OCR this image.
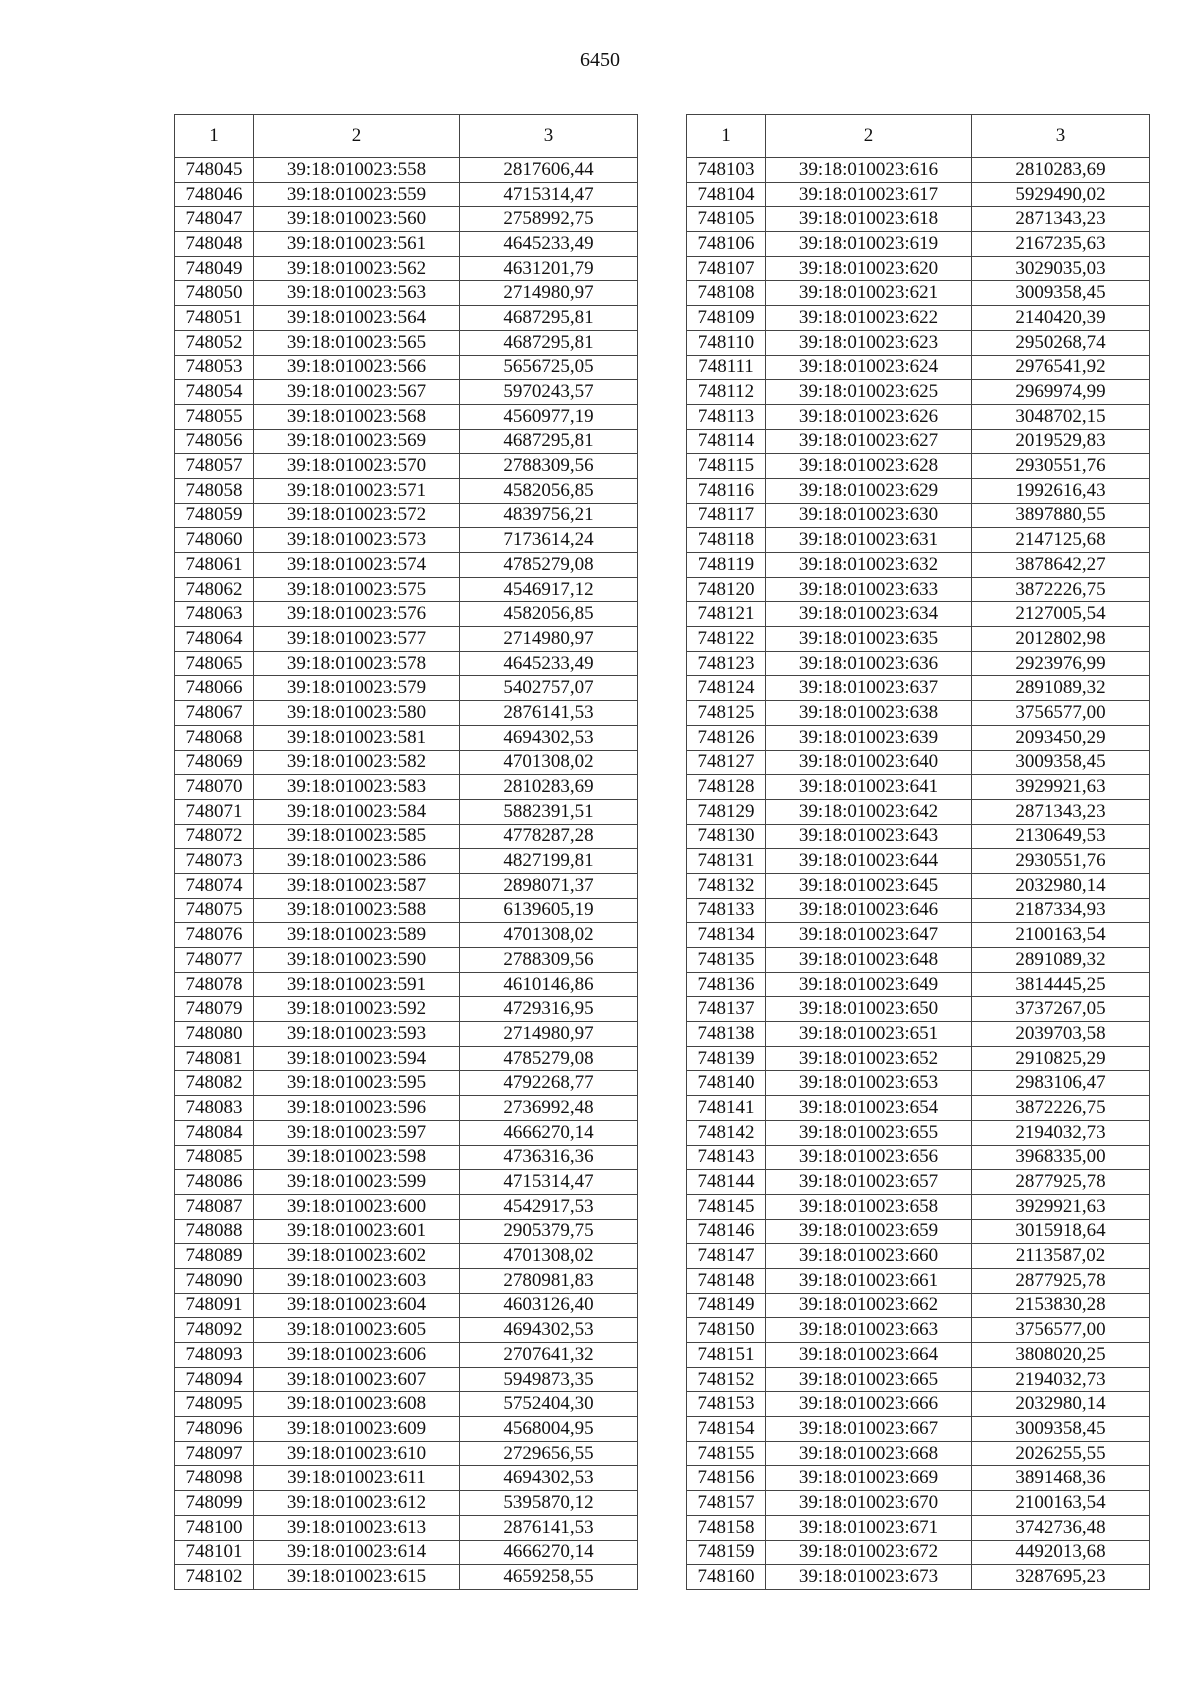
6450
1	2	3
748045	39:18:010023:558	2817606,44
748046	39:18:010023:559	4715314,47
748047	39:18:010023:560	2758992,75
748048	39:18:010023:561	4645233,49
748049	39:18:010023:562	4631201,79
748050	39:18:010023:563	2714980,97
748051	39:18:010023:564	4687295,81
748052	39:18:010023:565	4687295,81
748053	39:18:010023:566	5656725,05
748054	39:18:010023:567	5970243,57
748055	39:18:010023:568	4560977,19
748056	39:18:010023:569	4687295,81
748057	39:18:010023:570	2788309,56
748058	39:18:010023:571	4582056,85
748059	39:18:010023:572	4839756,21
748060	39:18:010023:573	7173614,24
748061	39:18:010023:574	4785279,08
748062	39:18:010023:575	4546917,12
748063	39:18:010023:576	4582056,85
748064	39:18:010023:577	2714980,97
748065	39:18:010023:578	4645233,49
748066	39:18:010023:579	5402757,07
748067	39:18:010023:580	2876141,53
748068	39:18:010023:581	4694302,53
748069	39:18:010023:582	4701308,02
748070	39:18:010023:583	2810283,69
748071	39:18:010023:584	5882391,51
748072	39:18:010023:585	4778287,28
748073	39:18:010023:586	4827199,81
748074	39:18:010023:587	2898071,37
748075	39:18:010023:588	6139605,19
748076	39:18:010023:589	4701308,02
748077	39:18:010023:590	2788309,56
748078	39:18:010023:591	4610146,86
748079	39:18:010023:592	4729316,95
748080	39:18:010023:593	2714980,97
748081	39:18:010023:594	4785279,08
748082	39:18:010023:595	4792268,77
748083	39:18:010023:596	2736992,48
748084	39:18:010023:597	4666270,14
748085	39:18:010023:598	4736316,36
748086	39:18:010023:599	4715314,47
748087	39:18:010023:600	4542917,53
748088	39:18:010023:601	2905379,75
748089	39:18:010023:602	4701308,02
748090	39:18:010023:603	2780981,83
748091	39:18:010023:604	4603126,40
748092	39:18:010023:605	4694302,53
748093	39:18:010023:606	2707641,32
748094	39:18:010023:607	5949873,35
748095	39:18:010023:608	5752404,30
748096	39:18:010023:609	4568004,95
748097	39:18:010023:610	2729656,55
748098	39:18:010023:611	4694302,53
748099	39:18:010023:612	5395870,12
748100	39:18:010023:613	2876141,53
748101	39:18:010023:614	4666270,14
748102	39:18:010023:615	4659258,55
1	2	3
748103	39:18:010023:616	2810283,69
748104	39:18:010023:617	5929490,02
748105	39:18:010023:618	2871343,23
748106	39:18:010023:619	2167235,63
748107	39:18:010023:620	3029035,03
748108	39:18:010023:621	3009358,45
748109	39:18:010023:622	2140420,39
748110	39:18:010023:623	2950268,74
748111	39:18:010023:624	2976541,92
748112	39:18:010023:625	2969974,99
748113	39:18:010023:626	3048702,15
748114	39:18:010023:627	2019529,83
748115	39:18:010023:628	2930551,76
748116	39:18:010023:629	1992616,43
748117	39:18:010023:630	3897880,55
748118	39:18:010023:631	2147125,68
748119	39:18:010023:632	3878642,27
748120	39:18:010023:633	3872226,75
748121	39:18:010023:634	2127005,54
748122	39:18:010023:635	2012802,98
748123	39:18:010023:636	2923976,99
748124	39:18:010023:637	2891089,32
748125	39:18:010023:638	3756577,00
748126	39:18:010023:639	2093450,29
748127	39:18:010023:640	3009358,45
748128	39:18:010023:641	3929921,63
748129	39:18:010023:642	2871343,23
748130	39:18:010023:643	2130649,53
748131	39:18:010023:644	2930551,76
748132	39:18:010023:645	2032980,14
748133	39:18:010023:646	2187334,93
748134	39:18:010023:647	2100163,54
748135	39:18:010023:648	2891089,32
748136	39:18:010023:649	3814445,25
748137	39:18:010023:650	3737267,05
748138	39:18:010023:651	2039703,58
748139	39:18:010023:652	2910825,29
748140	39:18:010023:653	2983106,47
748141	39:18:010023:654	3872226,75
748142	39:18:010023:655	2194032,73
748143	39:18:010023:656	3968335,00
748144	39:18:010023:657	2877925,78
748145	39:18:010023:658	3929921,63
748146	39:18:010023:659	3015918,64
748147	39:18:010023:660	2113587,02
748148	39:18:010023:661	2877925,78
748149	39:18:010023:662	2153830,28
748150	39:18:010023:663	3756577,00
748151	39:18:010023:664	3808020,25
748152	39:18:010023:665	2194032,73
748153	39:18:010023:666	2032980,14
748154	39:18:010023:667	3009358,45
748155	39:18:010023:668	2026255,55
748156	39:18:010023:669	3891468,36
748157	39:18:010023:670	2100163,54
748158	39:18:010023:671	3742736,48
748159	39:18:010023:672	4492013,68
748160	39:18:010023:673	3287695,23
